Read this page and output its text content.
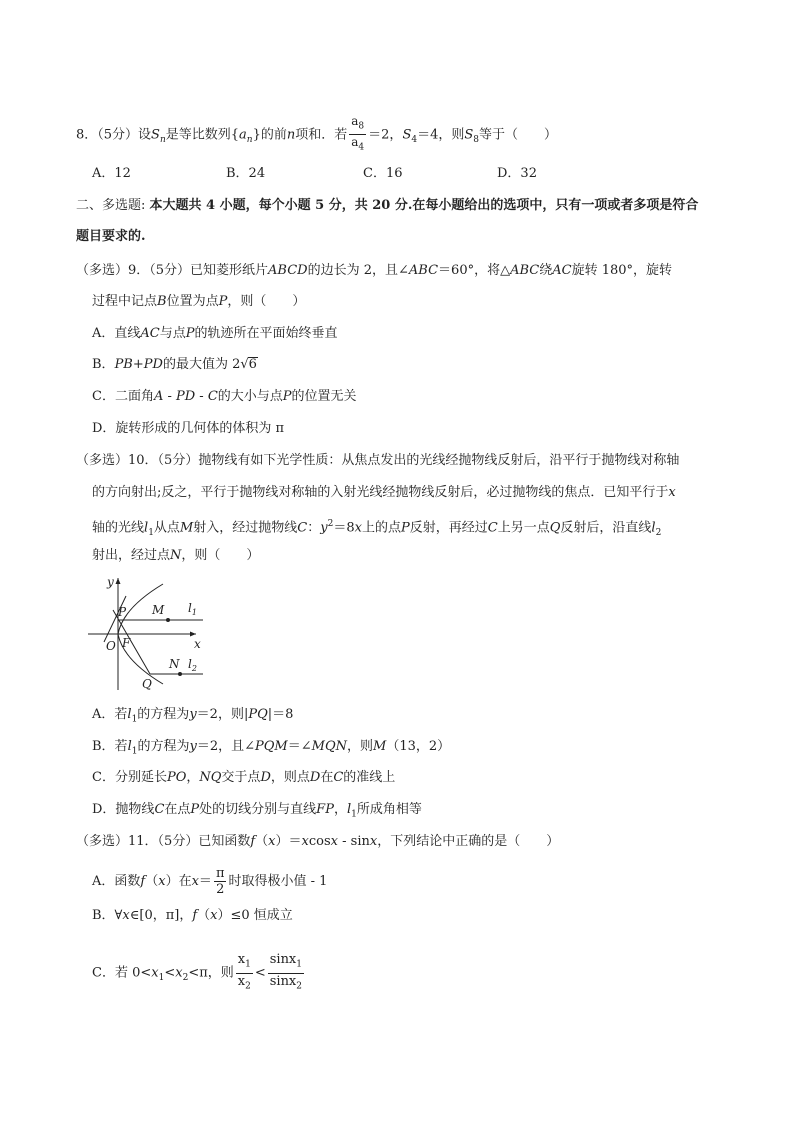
8．（5分）设$S_n$是等比数列$\{a_n\}$的前n项和．若 $\frac{a_8}{a_4} =2$，$S_4=4$，则$S_8$等于（　　）
A．12	B．24	C．16	D．32
二、多选题: 本大题共 4 小题，每个小题 5 分，共 20 分.在每小题给出的选项中，只有一项或者多项是符合
题目要求的.
（多选）9．（5分）已知菱形纸片ABCD的边长为 2，且∠ABC＝60°，将△ABC绕AC旋转 180°，旋转
过程中记点B位置为点P，则（　　）
A．直线AC与点P的轨迹所在平面始终垂直
B．PB+PD的最大值为 2√6
C．二面角A - PD - C的大小与点P的位置无关
D．旋转形成的几何体的体积为 π
（多选）10．（5分）抛物线有如下光学性质：从焦点发出的光线经抛物线反射后，沿平行于抛物线对称轴
的方向射出;反之，平行于抛物线对称轴的入射光线经抛物线反射后，必过抛物线的焦点．已知平行于x
轴的光线$l_1$从点M射入，经过抛物线C：$y^2=8x$上的点P反射，再经过C上另一点Q反射后，沿直线$l_2$
射出，经过点N，则（　　）
y
x
P M $l_1$
F
O
N $l_2$
Q
A．若$l_1$的方程为y＝2，则|PQ|＝8
B．若$l_1$的方程为y＝2，且∠PQM＝∠MQN，则M（13，2）
C．分别延长PO，NQ交于点D，则点D在C的准线上
D．抛物线C在点P处的切线分别与直线FP，$l_1$所成角相等
（多选）11．（5分）已知函数f（x）＝xcosx - sinx，下列结论中正确的是（　　）
A．函数f（x）在$x= \frac{\pi}{2}$ 时取得极小值 - 1
B．∀x∈[0，π]，f（x）≤0 恒成立
C．若 $0<x_1<x_2<\pi$，则 $\frac{x_1}{x_2} < \frac{\sin x_1}{\sin x_2}$
